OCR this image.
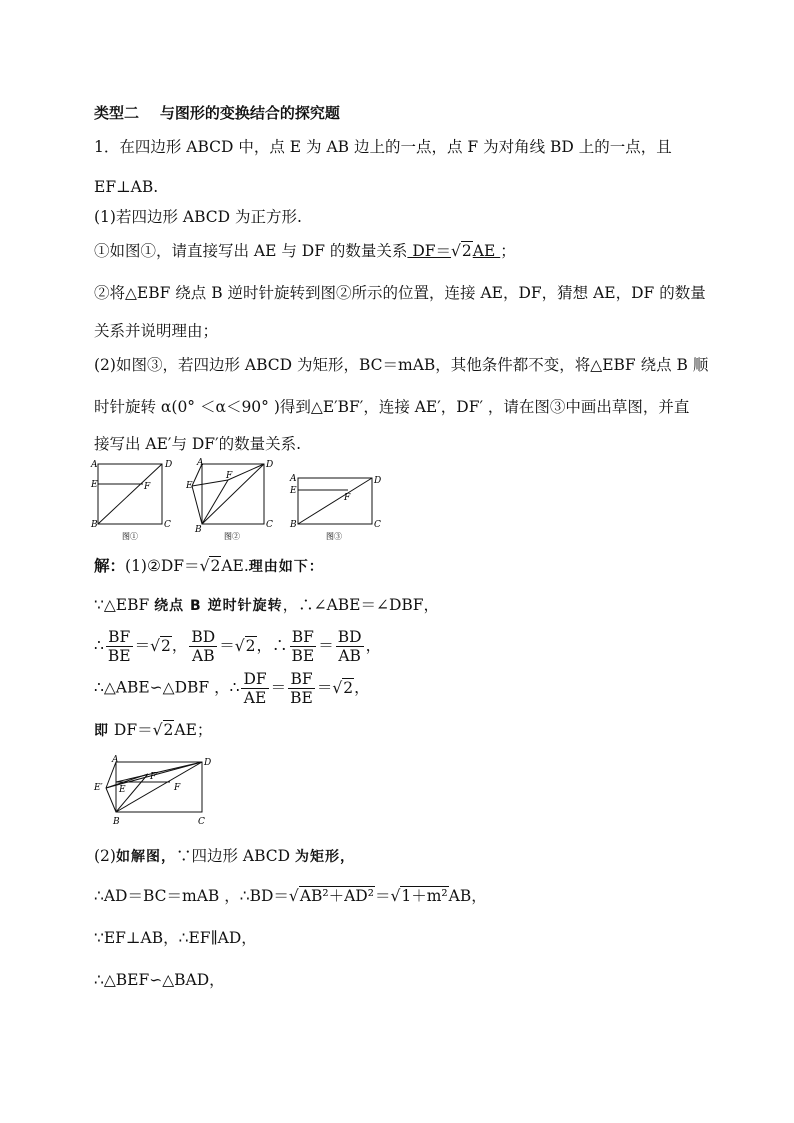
类型二 与图形的变换结合的探究题
1．在四边形 ABCD 中，点 E 为 AB 边上的一点，点 F 为对角线 BD 上的一点，且
EF⊥AB.
(1)若四边形 ABCD 为正方形.
①如图①，请直接写出 AE 与 DF 的数量关系 DF＝√2AE ；
②将△EBF 绕点 B 逆时针旋转到图②所示的位置，连接 AE，DF，猜想 AE，DF 的数量
关系并说明理由；
(2)如图③，若四边形 ABCD 为矩形，BC＝mAB，其他条件都不变，将△EBF 绕点 B 顺
时针旋转 α(0° ＜α＜90° )得到△E′BF′，连接 AE′，DF′ ，请在图③中画出草图，并直
接写出 AE′与 DF′的数量关系.
A	D
E	F
B	C
图①
A	D
E
F
B	C
图②
A	D
E
F
B	C
图③
解：(1)②DF＝√2AE.理由如下：
∵△EBF 绕点 B 逆时针旋转，∴∠ABE＝∠DBF，
∴ $\frac{BF}{BE} =√2$， $\frac{BD}{AB} =√2$，∴ $\frac{BF}{BE} = \frac{BD}{AB}$ ，
∴△ABE∽△DBF ，∴ $\frac{DF}{AE} = \frac{BF}{BE} =√2$，
即 DF＝√2AE；
A	D
F′
E′ E	F
B	C
(2)如解图，∵四边形 ABCD 为矩形，
∴AD＝BC＝mAB ，∴BD＝√AB²＋AD²＝√1＋m²AB，
∵EF⊥AB，∴EF∥AD，
∴△BEF∽△BAD，
